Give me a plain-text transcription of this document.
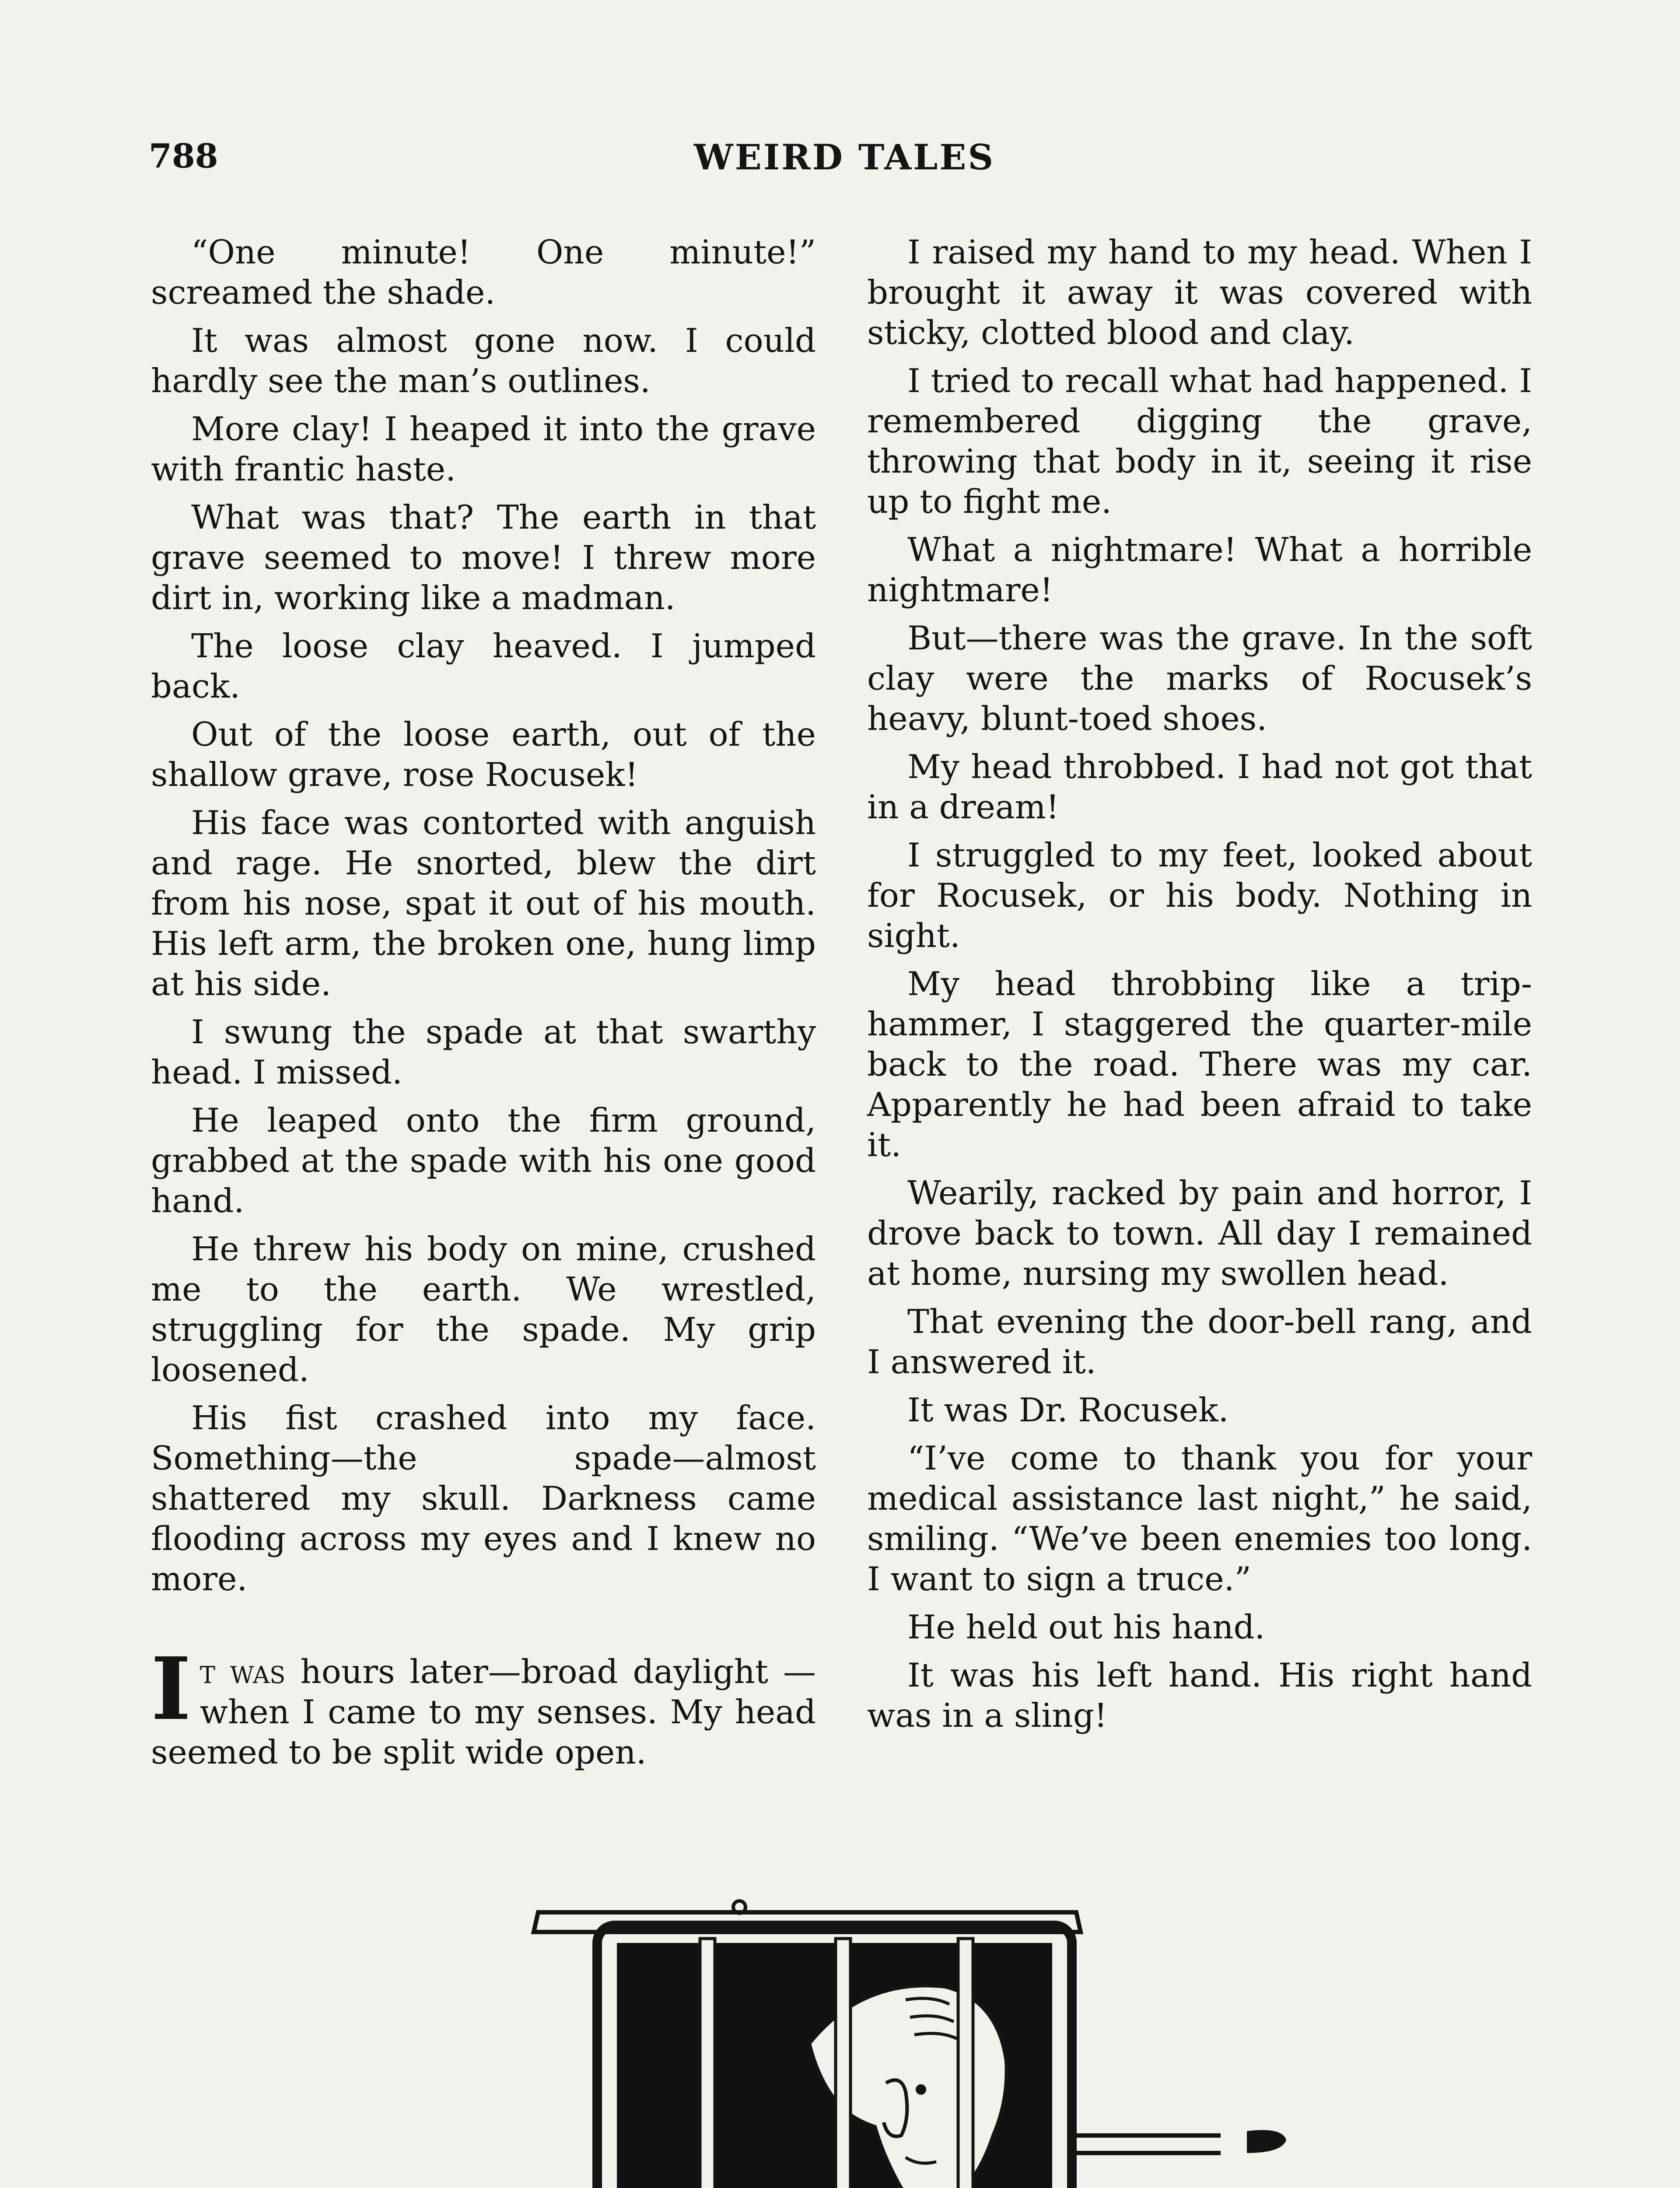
788	WEIRD TALES

“One minute! One minute!” screamed the shade.

It was almost gone now. I could hardly see the man’s outlines.

More clay! I heaped it into the grave with frantic haste.

What was that? The earth in that grave seemed to move! I threw more dirt in, working like a madman.

The loose clay heaved. I jumped back.

Out of the loose earth, out of the shallow grave, rose Rocusek!

His face was contorted with anguish and rage. He snorted, blew the dirt from his nose, spat it out of his mouth. His left arm, the broken one, hung limp at his side.

I swung the spade at that swarthy head. I missed.

He leaped onto the firm ground, grabbed at the spade with his one good hand.

He threw his body on mine, crushed me to the earth. We wrestled, struggling for the spade. My grip loosened.

His fist crashed into my face. Something—the spade—almost shattered my skull. Darkness came flooding across my eyes and I knew no more.

It was hours later—broad daylight —when I came to my senses. My head seemed to be split wide open.

I raised my hand to my head. When I brought it away it was covered with sticky, clotted blood and clay.

I tried to recall what had happened. I remembered digging the grave, throwing that body in it, seeing it rise up to fight me.

What a nightmare! What a horrible nightmare!

But—there was the grave. In the soft clay were the marks of Rocusek’s heavy, blunt-toed shoes.

My head throbbed. I had not got that in a dream!

I struggled to my feet, looked about for Rocusek, or his body. Nothing in sight.

My head throbbing like a trip-hammer, I staggered the quarter-mile back to the road. There was my car. Apparently he had been afraid to take it.

Wearily, racked by pain and horror, I drove back to town. All day I remained at home, nursing my swollen head.

That evening the door-bell rang, and I answered it.

It was Dr. Rocusek.

“I’ve come to thank you for your medical assistance last night,” he said, smiling. “We’ve been enemies too long. I want to sign a truce.”

He held out his hand.

It was his left hand. His right hand was in a sling!
